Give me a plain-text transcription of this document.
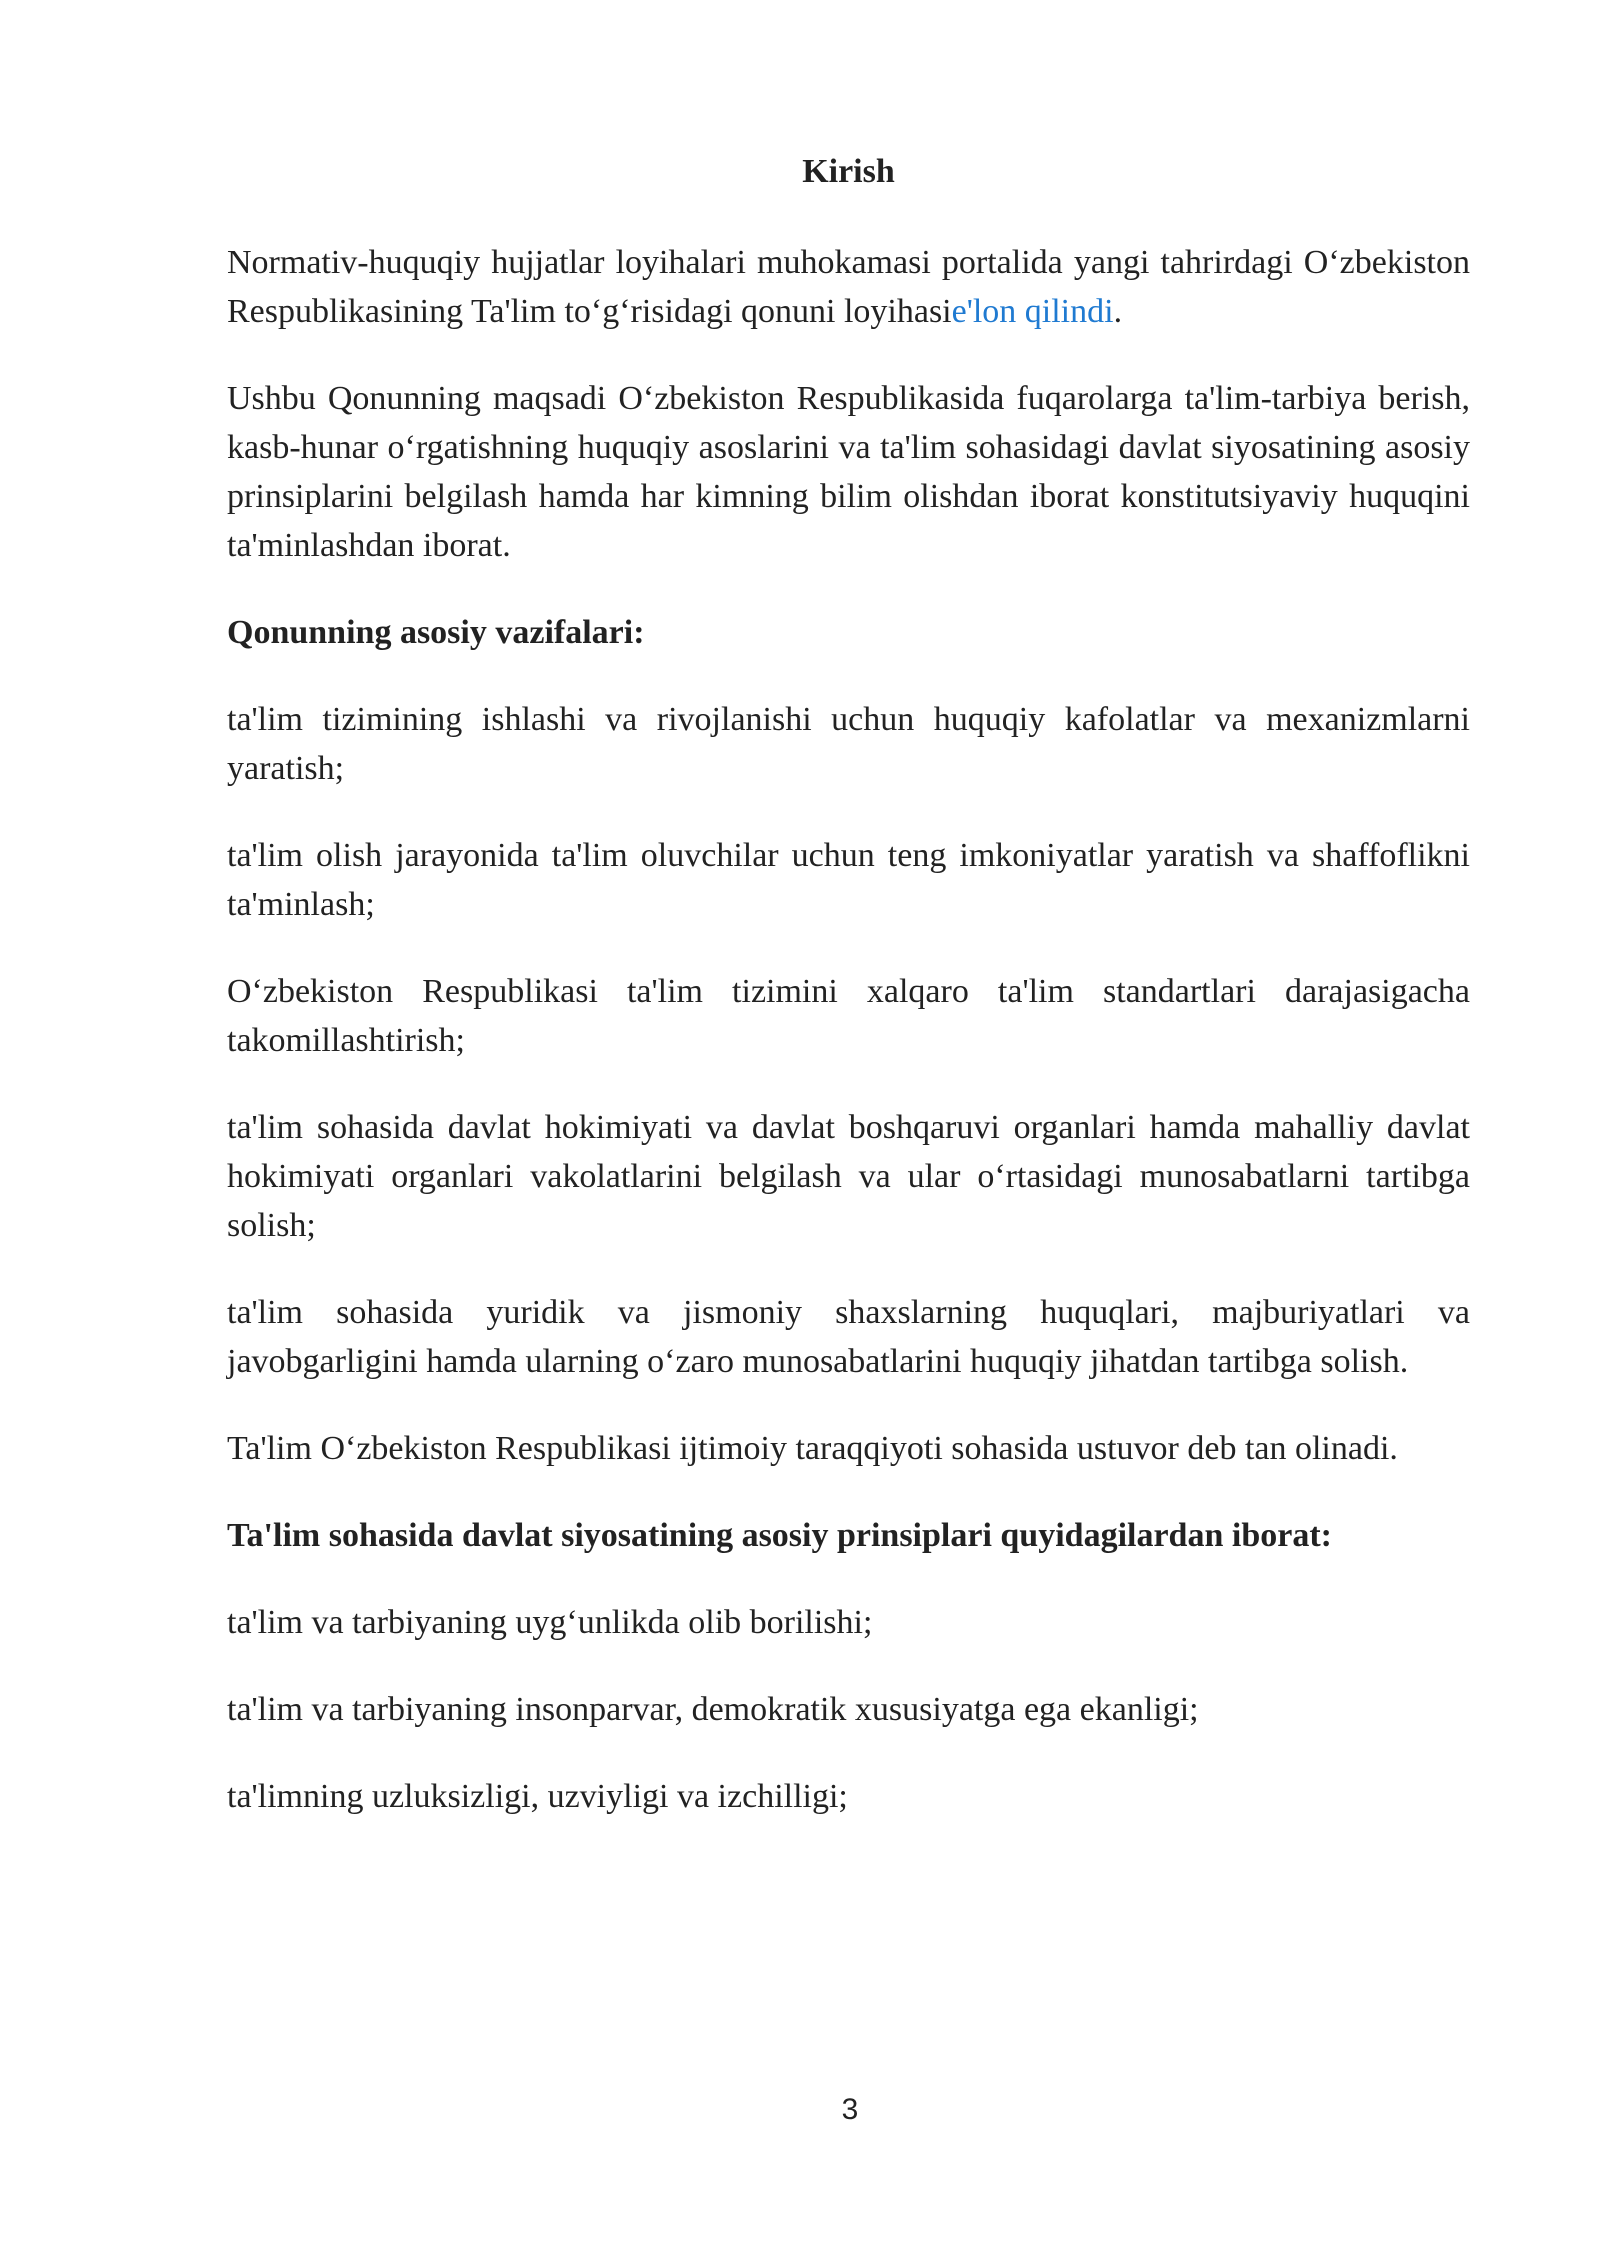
Kirish

Normativ-huquqiy hujjatlar loyihalari muhokamasi portalida yangi tahrirdagi O‘zbekiston Respublikasining Ta'lim to‘g‘risidagi qonuni loyihasie'lon qilindi.

Ushbu Qonunning maqsadi O‘zbekiston Respublikasida fuqarolarga ta'lim-tarbiya berish, kasb-hunar o‘rgatishning huquqiy asoslarini va ta'lim sohasidagi davlat siyosatining asosiy prinsiplarini belgilash hamda har kimning bilim olishdan iborat konstitutsiyaviy huquqini ta'minlashdan iborat.

Qonunning asosiy vazifalari:

ta'lim tizimining ishlashi va rivojlanishi uchun huquqiy kafolatlar va mexanizmlarni yaratish;

ta'lim olish jarayonida ta'lim oluvchilar uchun teng imkoniyatlar yaratish va shaffoflikni ta'minlash;

O‘zbekiston Respublikasi ta'lim tizimini xalqaro ta'lim standartlari darajasigacha takomillashtirish;

ta'lim sohasida davlat hokimiyati va davlat boshqaruvi organlari hamda mahalliy davlat hokimiyati organlari vakolatlarini belgilash va ular o‘rtasidagi munosabatlarni tartibga solish;

ta'lim sohasida yuridik va jismoniy shaxslarning huquqlari, majburiyatlari va javobgarligini hamda ularning o‘zaro munosabatlarini huquqiy jihatdan tartibga solish.

Ta'lim O‘zbekiston Respublikasi ijtimoiy taraqqiyoti sohasida ustuvor deb tan olinadi.

Ta'lim sohasida davlat siyosatining asosiy prinsiplari quyidagilardan iborat:

ta'lim va tarbiyaning uyg‘unlikda olib borilishi;

ta'lim va tarbiyaning insonparvar, demokratik xususiyatga ega ekanligi;

ta'limning uzluksizligi, uzviyligi va izchilligi;

3
